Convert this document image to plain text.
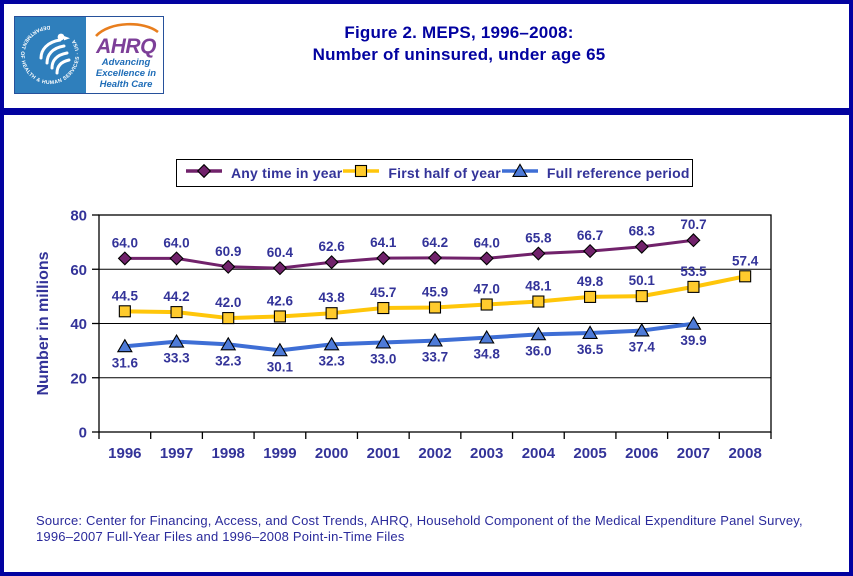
DEPARTMENT OF HEALTH & HUMAN SERVICES · USA AHRQ
Advancing
Excellence in
Health Care
Figure 2. MEPS, 1996–2008:
Number of uninsured, under age 65
0
20
40
60
80
1996 1997 1998 1999 2000 2001 2002 2003 2004 2005 2006 2007 2008
Number in millions
64.0 64.0
60.9 60.4 62.6 64.1 64.2 64.0 65.8 66.7 68.3 70.7
44.5 44.2 42.0 42.6 43.8 45.7 45.9 47.0 48.1 49.8 50.1
53.5
57.4
31.6 33.3 32.3 30.1 32.3 33.0 33.7 34.8 36.0 36.5 37.4 39.9
Any time in year	First half of year	Full reference period
Source: Center for Financing, Access, and Cost Trends, AHRQ, Household Component of the Medical Expenditure Panel Survey,
1996–2007 Full-Year Files and 1996–2008 Point-in-Time Files
